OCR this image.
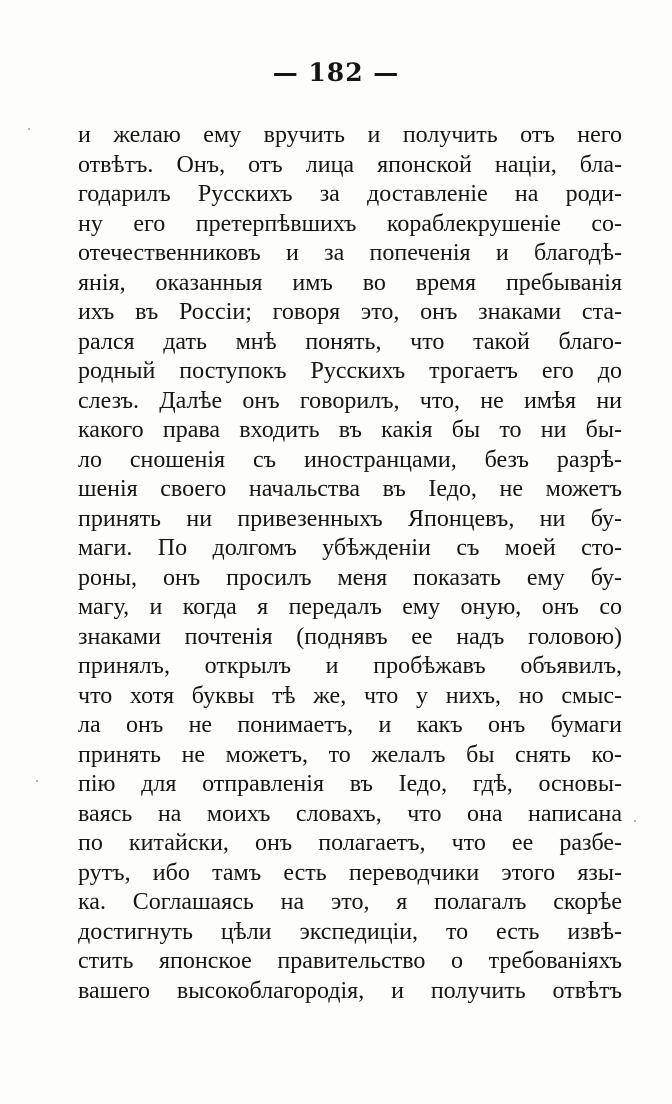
— 182 —
и желаю ему вручить и получить отъ него
отвѣтъ. Онъ, отъ лица японской націи, бла-
годарилъ Русскихъ за доставленіе на роди-
ну его претерпѣвшихъ кораблекрушеніе со-
отечественниковъ и за попеченія и благодѣ-
янія, оказанныя имъ во время пребыванія
ихъ въ Россіи; говоря это, онъ знаками ста-
рался дать мнѣ понять, что такой благо-
родный поступокъ Русскихъ трогаетъ его до
слезъ. Далѣе онъ говорилъ, что, не имѣя ни
какого права входить въ какія бы то ни бы-
ло сношенія съ иностранцами, безъ разрѣ-
шенія своего начальства въ Іедо, не можетъ
принять ни привезенныхъ Японцевъ, ни бу-
маги. По долгомъ убѣжденіи съ моей сто-
роны, онъ просилъ меня показать ему бу-
магу, и когда я передалъ ему оную, онъ со
знаками почтенія (поднявъ ее надъ головою)
принялъ, открылъ и пробѣжавъ объявилъ,
что хотя буквы тѣ же, что у нихъ, но смыс-
ла онъ не понимаетъ, и какъ онъ бумаги
принять не можетъ, то желалъ бы снять ко-
пію для отправленія въ Іедо, гдѣ, основы-
ваясь на моихъ словахъ, что она написана
по китайски, онъ полагаетъ, что ее разбе-
рутъ, ибо тамъ есть переводчики этого язы-
ка. Соглашаясь на это, я полагалъ скорѣе
достигнуть цѣли экспедиціи, то есть извѣ-
стить японское правительство о требованіяхъ
вашего высокоблагородія, и получить отвѣтъ
